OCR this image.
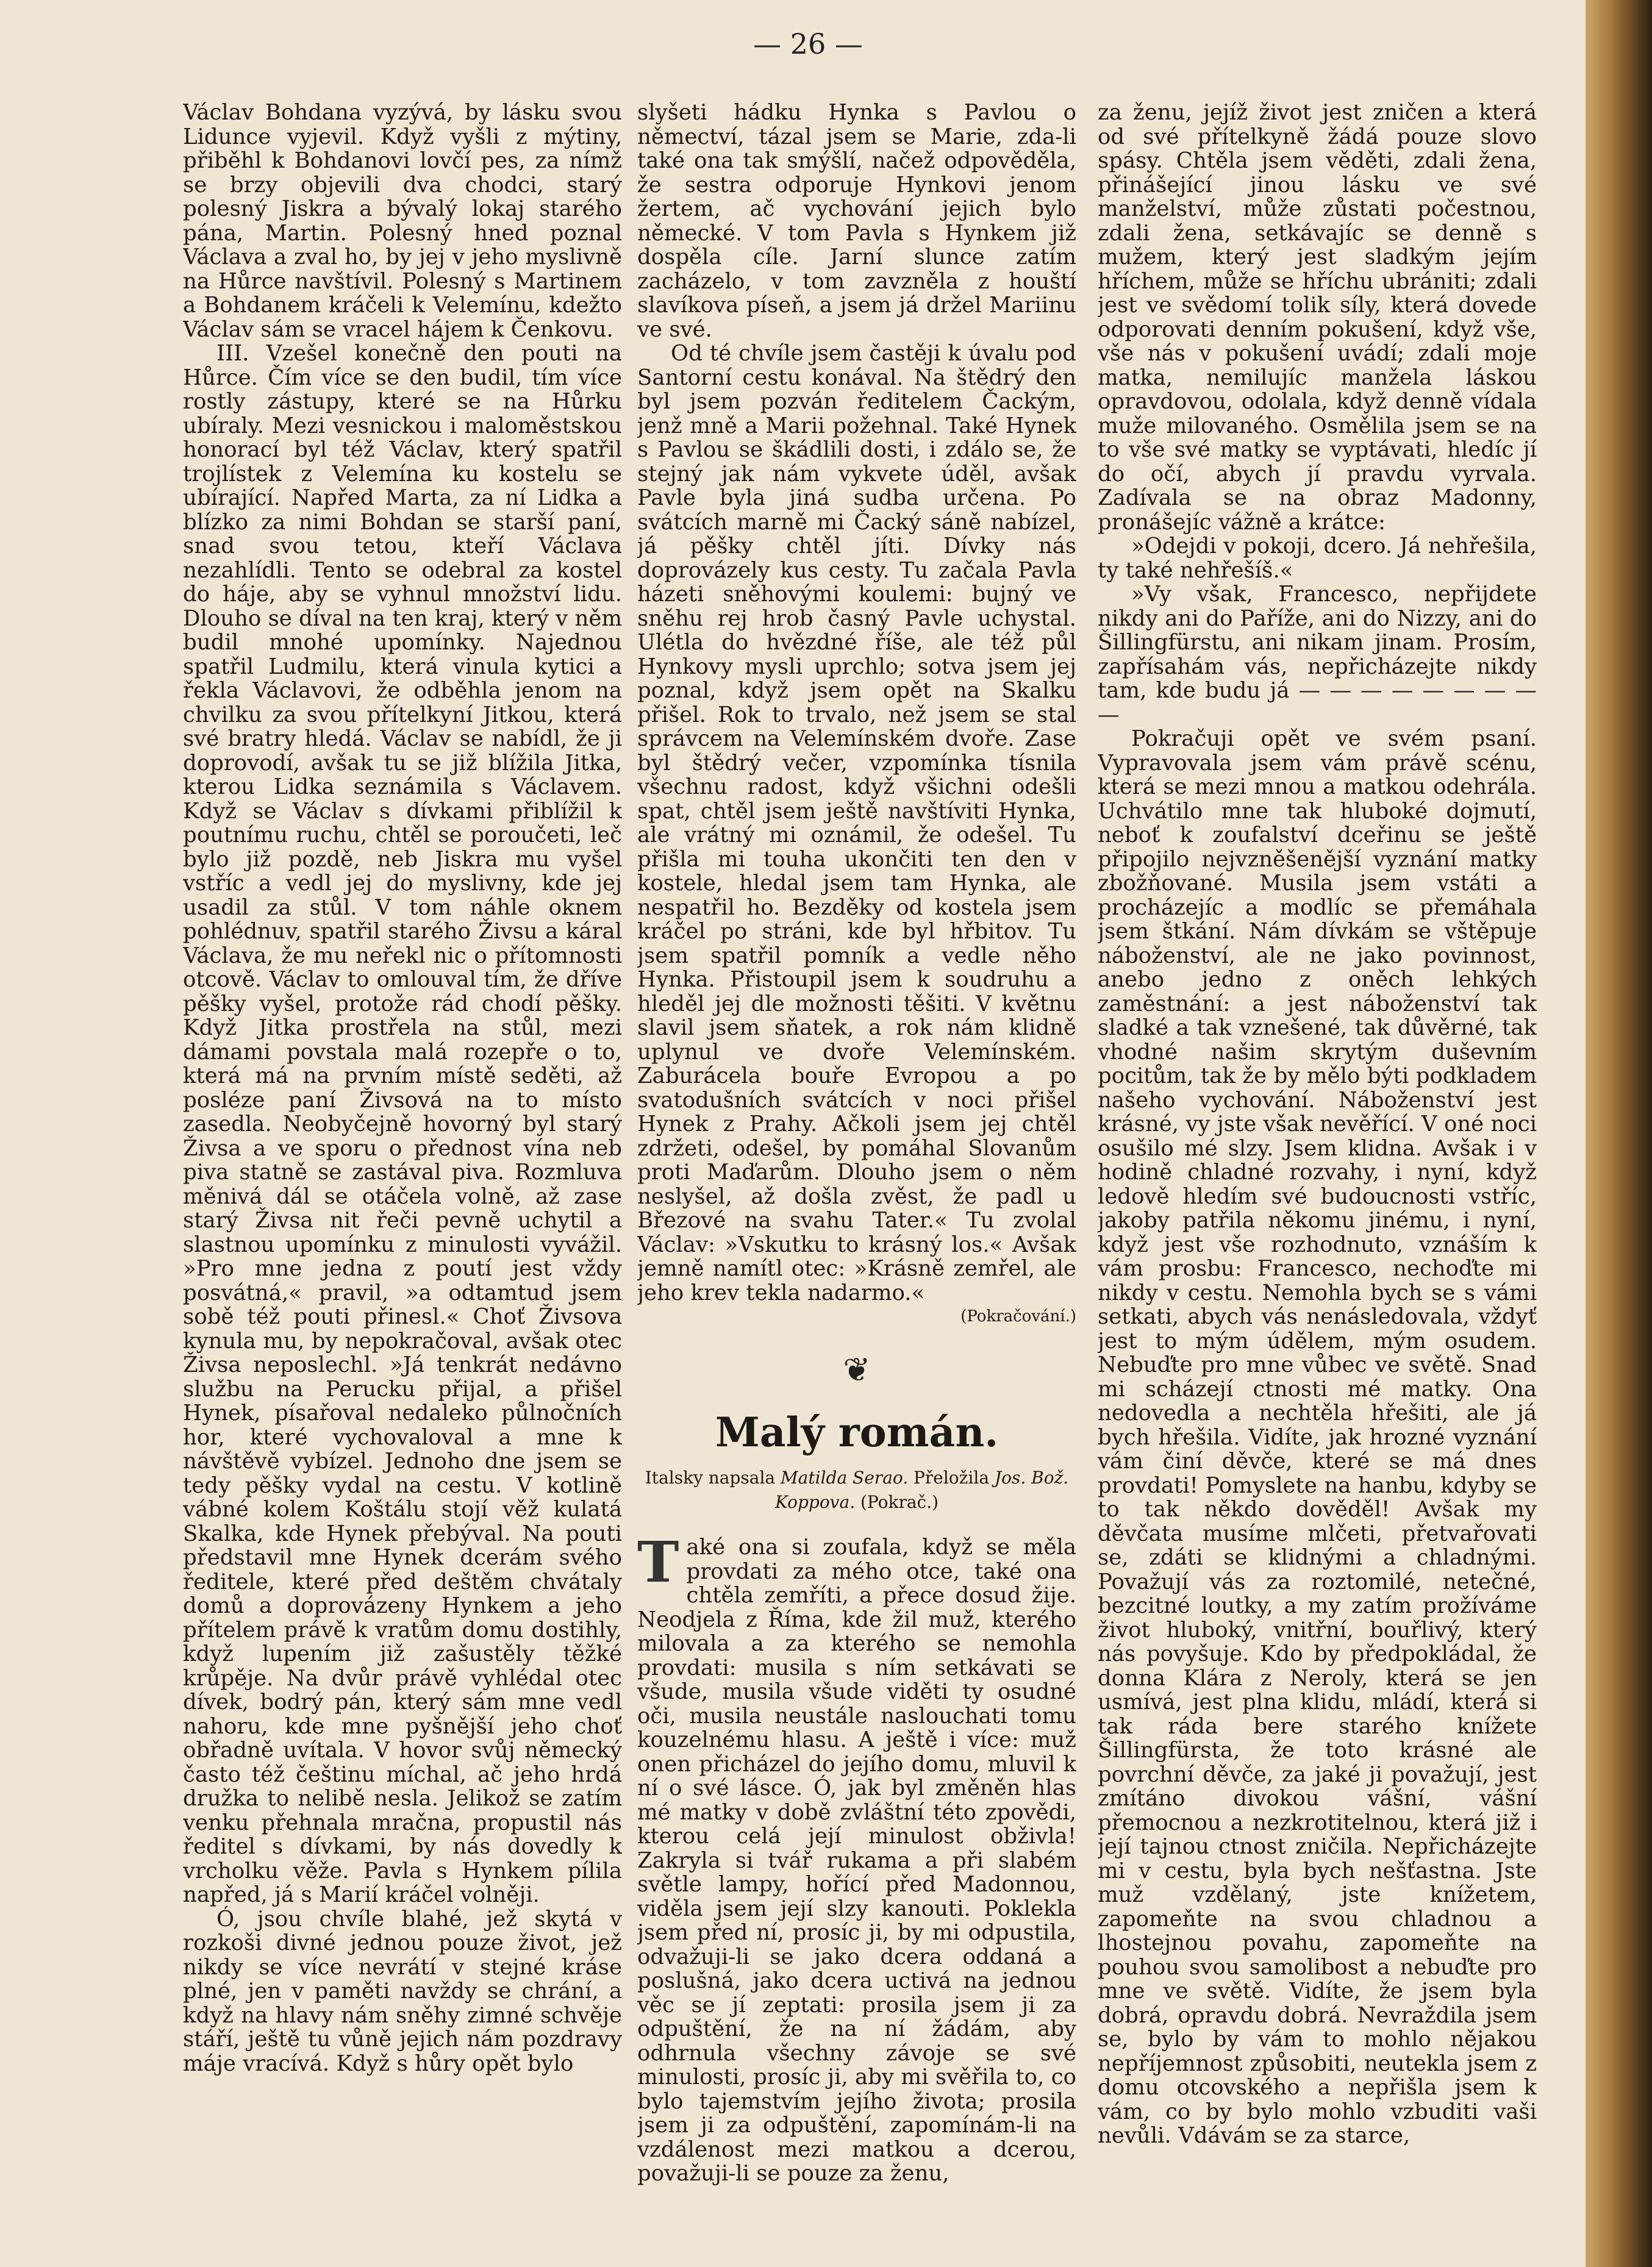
— 26 —

Václav Bohdana vyzývá, by lásku svou Lidunce vyjevil. Když vyšli z mýtiny, přiběhl k Bohdanovi lovčí pes, za nímž se brzy objevili dva chodci, starý polesný Jiskra a bývalý lokaj starého pána, Martin. Polesný hned poznal Václava a zval ho, by jej v jeho myslivně na Hůrce navštívil. Polesný s Martinem a Bohdanem kráčeli k Velemínu, kdežto Václav sám se vracel hájem k Čenkovu.

III. Vzešel konečně den pouti na Hůrce. Čím více se den budil, tím více rostly zástupy, které se na Hůrku ubíraly. Mezi vesnickou i maloměstskou honorací byl též Václav, který spatřil trojlístek z Velemína ku kostelu se ubírající. Napřed Marta, za ní Lidka a blízko za nimi Bohdan se starší paní, snad svou tetou, kteří Václava nezahlídli. Tento se odebral za kostel do háje, aby se vyhnul množství lidu. Dlouho se díval na ten kraj, který v něm budil mnohé upomínky. Najednou spatřil Ludmilu, která vinula kytici a řekla Václavovi, že odběhla jenom na chvilku za svou přítelkyní Jitkou, která své bratry hledá. Václav se nabídl, že ji doprovodí, avšak tu se již blížila Jitka, kterou Lidka seznámila s Václavem. Když se Václav s dívkami přiblížil k poutnímu ruchu, chtěl se poroučeti, leč bylo již pozdě, neb Jiskra mu vyšel vstříc a vedl jej do myslivny, kde jej usadil za stůl. V tom náhle oknem pohlédnuv, spatřil starého Živsu a káral Václava, že mu neřekl nic o přítomnosti otcově. Václav to omlouval tím, že dříve pěšky vyšel, protože rád chodí pěšky. Když Jitka prostřela na stůl, mezi dámami povstala malá rozepře o to, která má na prvním místě seděti, až posléze paní Živsová na to místo zasedla. Neobyčejně hovorný byl starý Živsa a ve sporu o přednost vína neb piva statně se zastával piva. Rozmluva měnivá dál se otáčela volně, až zase starý Živsa nit řeči pevně uchytil a slastnou upomínku z minulosti vyvážil. »Pro mne jedna z poutí jest vždy posvátná,« pravil, »a odtamtud jsem sobě též pouti přinesl.« Choť Živsova kynula mu, by nepokračoval, avšak otec Živsa neposlechl. »Já tenkrát nedávno službu na Perucku přijal, a přišel Hynek, písařoval nedaleko půlnočních hor, které vychovaloval a mne k návštěvě vybízel. Jednoho dne jsem se tedy pěšky vydal na cestu. V kotlině vábné kolem Koštálu stojí věž kulatá Skalka, kde Hynek přebýval. Na pouti představil mne Hynek dcerám svého ředitele, které před deštěm chvátaly domů a doprovázeny Hynkem a jeho přítelem právě k vratům domu dostihly, když lupením již zašustěly těžké krůpěje. Na dvůr právě vyhlédal otec dívek, bodrý pán, který sám mne vedl nahoru, kde mne pyšnější jeho choť obřadně uvítala. V hovor svůj německý často též češtinu míchal, ač jeho hrdá družka to nelibě nesla. Jelikož se zatím venku přehnala mračna, propustil nás ředitel s dívkami, by nás dovedly k vrcholku věže. Pavla s Hynkem pílila napřed, já s Marií kráčel volněji.

Ó, jsou chvíle blahé, jež skytá v rozkoši divné jednou pouze život, jež nikdy se více nevrátí v stejné kráse plné, jen v paměti navždy se chrání, a když na hlavy nám sněhy zimné schvěje stáří, ještě tu vůně jejich nám pozdravy máje vracívá. Když s hůry opět bylo

slyšeti hádku Hynka s Pavlou o němectví, tázal jsem se Marie, zda-li také ona tak smýšlí, načež odpověděla, že sestra odporuje Hynkovi jenom žertem, ač vychování jejich bylo německé. V tom Pavla s Hynkem již dospěla cíle. Jarní slunce zatím zacházelo, v tom zavzněla z houští slavíkova píseň, a jsem já držel Mariinu ve své.

Od té chvíle jsem častěji k úvalu pod Santorní cestu konával. Na štědrý den byl jsem pozván ředitelem Čackým, jenž mně a Marii požehnal. Také Hynek s Pavlou se škádlili dosti, i zdálo se, že stejný jak nám vykvete úděl, avšak Pavle byla jiná sudba určena. Po svátcích marně mi Čacký sáně nabízel, já pěšky chtěl jíti. Dívky nás doprovázely kus cesty. Tu začala Pavla házeti sněhovými koulemi: bujný ve sněhu rej hrob časný Pavle uchystal. Ulétla do hvězdné říše, ale též půl Hynkovy mysli uprchlo; sotva jsem jej poznal, když jsem opět na Skalku přišel. Rok to trvalo, než jsem se stal správcem na Velemínském dvoře. Zase byl štědrý večer, vzpomínka tísnila všechnu radost, když všichni odešli spat, chtěl jsem ještě navštíviti Hynka, ale vrátný mi oznámil, že odešel. Tu přišla mi touha ukončiti ten den v kostele, hledal jsem tam Hynka, ale nespatřil ho. Bezděky od kostela jsem kráčel po stráni, kde byl hřbitov. Tu jsem spatřil pomník a vedle něho Hynka. Přistoupil jsem k soudruhu a hleděl jej dle možnosti těšiti. V květnu slavil jsem sňatek, a rok nám klidně uplynul ve dvoře Velemínském. Zaburácela bouře Evropou a po svatodušních svátcích v noci přišel Hynek z Prahy. Ačkoli jsem jej chtěl zdržeti, odešel, by pomáhal Slovanům proti Maďarům. Dlouho jsem o něm neslyšel, až došla zvěst, že padl u Březové na svahu Tater.« Tu zvolal Václav: »Vskutku to krásný los.« Avšak jemně namítl otec: »Krásně zemřel, ale jeho krev tekla nadarmo.«

(Pokračování.)

❦
Malý román.

Italsky napsala Matilda Serao. Přeložila Jos. Bož. Koppova. (Pokrač.)

Také ona si zoufala, když se měla provdati za mého otce, také ona chtěla zemříti, a přece dosud žije. Neodjela z Říma, kde žil muž, kterého milovala a za kterého se nemohla provdati: musila s ním setkávati se všude, musila všude viděti ty osudné oči, musila neustále naslouchati tomu kouzelnému hlasu. A ještě i více: muž onen přicházel do jejího domu, mluvil k ní o své lásce. Ó, jak byl změněn hlas mé matky v době zvláštní této zpovědi, kterou celá její minulost obživla! Zakryla si tvář rukama a při slabém světle lampy, hořící před Madonnou, viděla jsem její slzy kanouti. Poklekla jsem před ní, prosíc ji, by mi odpustila, odvažuji-li se jako dcera oddaná a poslušná, jako dcera uctivá na jednou věc se jí zeptati: prosila jsem ji za odpuštění, že na ní žádám, aby odhrnula všechny závoje se své minulosti, prosíc ji, aby mi svěřila to, co bylo tajemstvím jejího života; prosila jsem ji za odpuštění, zapomínám-li na vzdálenost mezi matkou a dcerou, považuji-li se pouze za ženu,

za ženu, jejíž život jest zničen a která od své přítelkyně žádá pouze slovo spásy. Chtěla jsem věděti, zdali žena, přinášející jinou lásku ve své manželství, může zůstati počestnou, zdali žena, setkávajíc se denně s mužem, který jest sladkým jejím hříchem, může se hříchu ubrániti; zdali jest ve svědomí tolik síly, která dovede odporovati denním pokušení, když vše, vše nás v pokušení uvádí; zdali moje matka, nemilujíc manžela láskou opravdovou, odolala, když denně vídala muže milovaného. Osmělila jsem se na to vše své matky se vyptávati, hledíc jí do očí, abych jí pravdu vyrvala. Zadívala se na obraz Madonny, pronášejíc vážně a krátce:

»Odejdi v pokoji, dcero. Já nehřešila, ty také nehřešíš.«

»Vy však, Francesco, nepřijdete nikdy ani do Paříže, ani do Nizzy, ani do Šillingfürstu, ani nikam jinam. Prosím, zapřísahám vás, nepřicházejte nikdy tam, kde budu já — — — — — — — — —

Pokračuji opět ve svém psaní. Vypravovala jsem vám právě scénu, která se mezi mnou a matkou odehrála. Uchvátilo mne tak hluboké dojmutí, neboť k zoufalství dceřinu se ještě připojilo nejvzněšenější vyznání matky zbožňované. Musila jsem vstáti a procházejíc a modlíc se přemáhala jsem štkání. Nám dívkám se vštěpuje náboženství, ale ne jako povinnost, anebo jedno z oněch lehkých zaměstnání: a jest náboženství tak sladké a tak vznešené, tak důvěrné, tak vhodné našim skrytým duševním pocitům, tak že by mělo býti podkladem našeho vychování. Náboženství jest krásné, vy jste však nevěřící. V oné noci osušilo mé slzy. Jsem klidna. Avšak i v hodině chladné rozvahy, i nyní, když ledově hledím své budoucnosti vstříc, jakoby patřila někomu jinému, i nyní, když jest vše rozhodnuto, vznáším k vám prosbu: Francesco, nechoďte mi nikdy v cestu. Nemohla bych se s vámi setkati, abych vás nenásledovala, vždyť jest to mým údělem, mým osudem. Nebuďte pro mne vůbec ve světě. Snad mi scházejí ctnosti mé matky. Ona nedovedla a nechtěla hřešiti, ale já bych hřešila. Vidíte, jak hrozné vyznání vám činí děvče, které se má dnes provdati! Pomyslete na hanbu, kdyby se to tak někdo dověděl! Avšak my děvčata musíme mlčeti, přetvařovati se, zdáti se klidnými a chladnými. Považují vás za roztomilé, netečné, bezcitné loutky, a my zatím prožíváme život hluboký, vnitřní, bouřlivý, který nás povyšuje. Kdo by předpokládal, že donna Klára z Neroly, která se jen usmívá, jest plna klidu, mládí, která si tak ráda bere starého knížete Šillingfürsta, že toto krásné ale povrchní děvče, za jaké ji považují, jest zmítáno divokou vášní, vášní přemocnou a nezkrotitelnou, která již i její tajnou ctnost zničila. Nepřicházejte mi v cestu, byla bych nešťastna. Jste muž vzdělaný, jste knížetem, zapomeňte na svou chladnou a lhostejnou povahu, zapomeňte na pouhou svou samolibost a nebuďte pro mne ve světě. Vidíte, že jsem byla dobrá, opravdu dobrá. Nevraždila jsem se, bylo by vám to mohlo nějakou nepříjemnost způsobiti, neutekla jsem z domu otcovského a nepřišla jsem k vám, co by bylo mohlo vzbuditi vaši nevůli. Vdávám se za starce,
